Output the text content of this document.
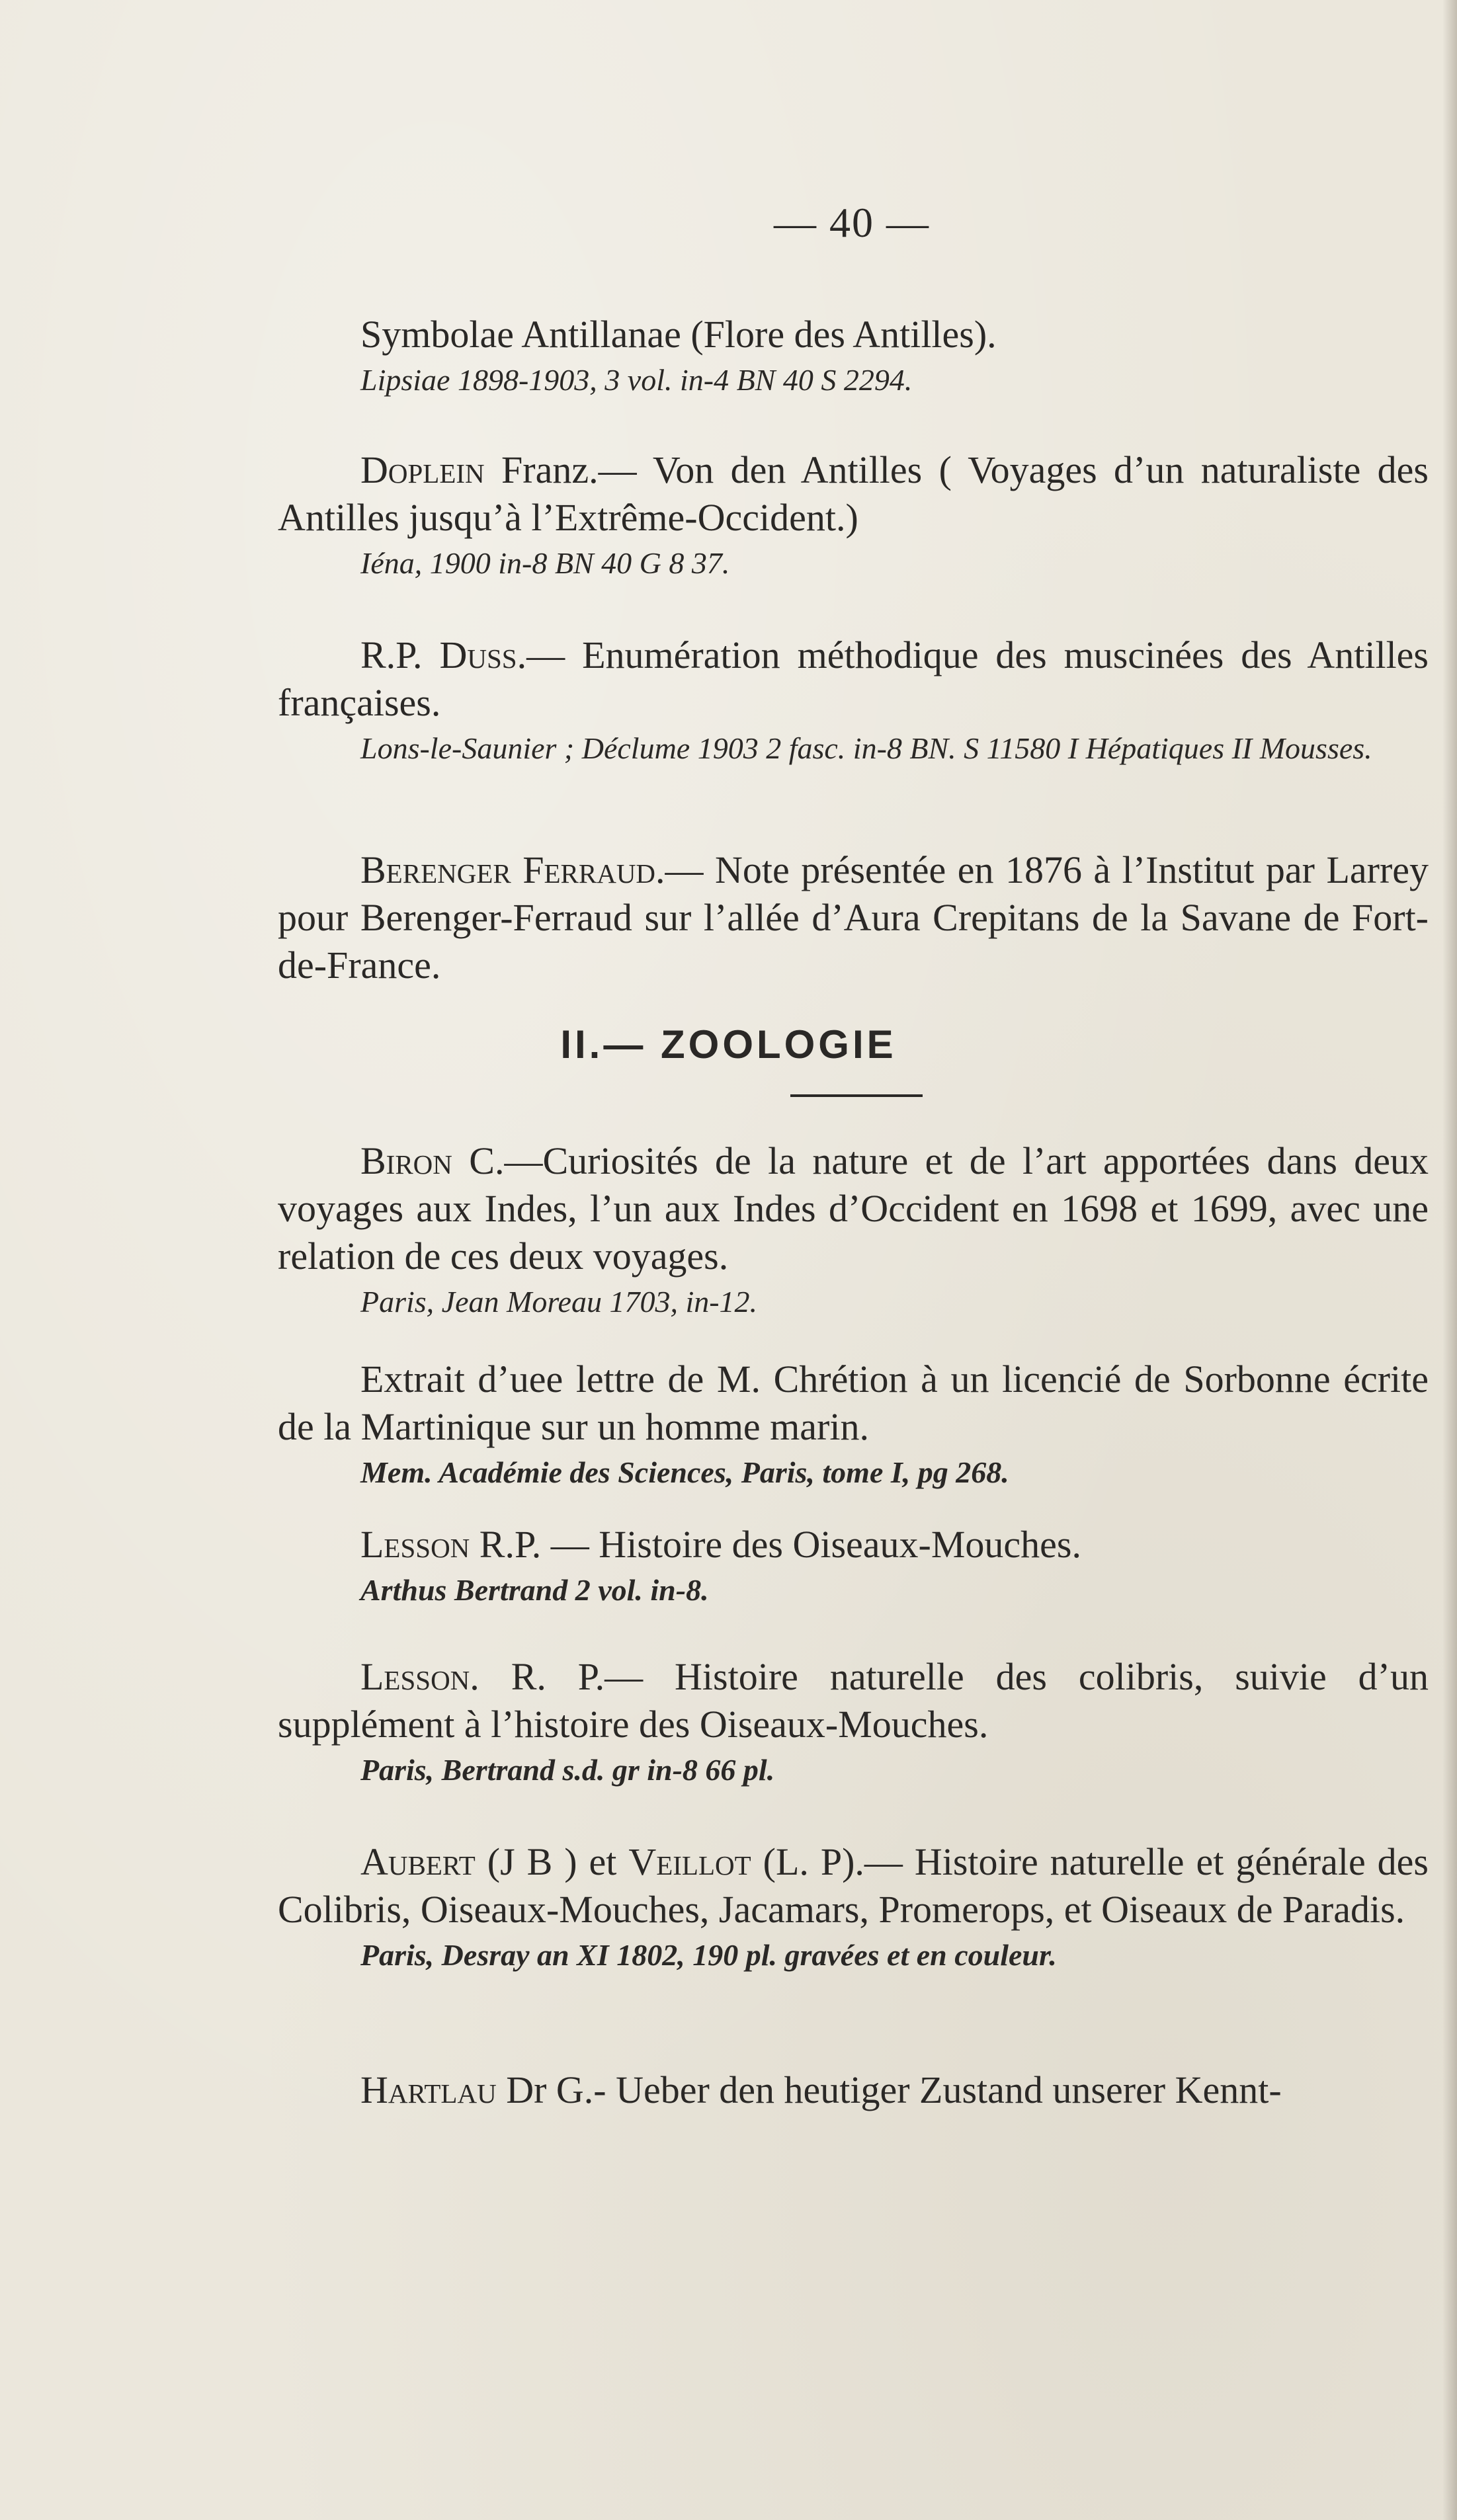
— 40 —

Symbolae Antillanae (Flore des Antilles).

Lipsiae 1898-1903, 3 vol. in-4 BN 40 S 2294.

Doplein Franz.— Von den Antilles ( Voyages d’un naturaliste des Antilles jusqu’à l’Extrême-Occident.)

Iéna, 1900 in-8 BN 40 G 8 37.

R.P. Duss.— Enumération méthodique des muscinées des Antilles françaises.

Lons-le-Saunier ; Déclume 1903 2 fasc. in-8 BN. S 11580 I Hépatiques II Mousses.

Berenger Ferraud.— Note présentée en 1876 à l’Institut par Larrey pour Berenger-Ferraud sur l’allée d’Aura Crepitans de la Savane de Fort-de-France.

II.— ZOOLOGIE

Biron C.—Curiosités de la nature et de l’art apportées dans deux voyages aux Indes, l’un aux Indes d’Occident en 1698 et 1699, avec une relation de ces deux voyages.

Paris, Jean Moreau 1703, in-12.

Extrait d’uee lettre de M. Chrétion à un licencié de Sorbonne écrite de la Martinique sur un homme marin.

Mem. Académie des Sciences, Paris, tome I, pg 268.

Lesson R.P. — Histoire des Oiseaux-Mouches.

Arthus Bertrand 2 vol. in-8.

Lesson. R. P.— Histoire naturelle des colibris, suivie d’un supplément à l’histoire des Oiseaux-Mouches.

Paris, Bertrand s.d. gr in-8 66 pl.

Aubert (J B ) et Veillot (L. P).— Histoire naturelle et générale des Colibris, Oiseaux-Mouches, Jacamars, Promerops, et Oiseaux de Paradis.

Paris, Desray an XI 1802, 190 pl. gravées et en couleur.

Hartlau Dr G.- Ueber den heutiger Zustand unserer Kennt-
